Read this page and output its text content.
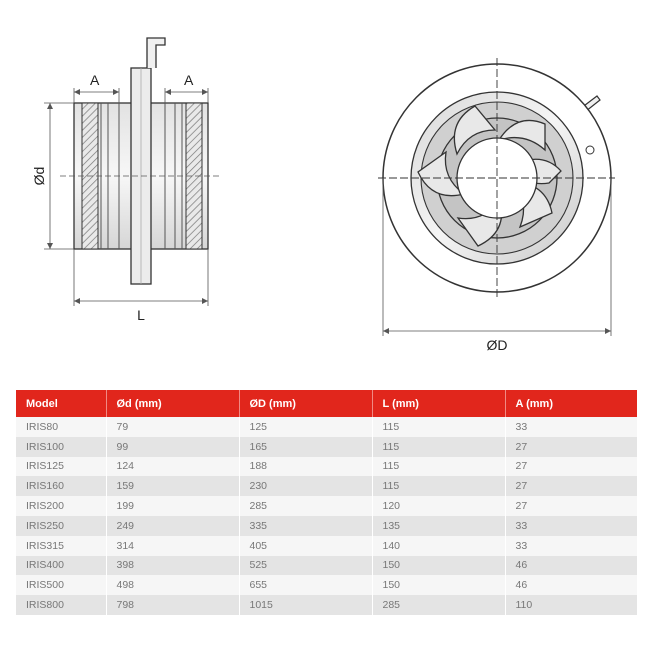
A	A
Ød
L
ØD
Model	Ød (mm)	ØD (mm)	L (mm)	A (mm)
IRIS80	79	125	115	33
IRIS100	99	165	115	27
IRIS125	124	188	115	27
IRIS160	159	230	115	27
IRIS200	199	285	120	27
IRIS250	249	335	135	33
IRIS315	314	405	140	33
IRIS400	398	525	150	46
IRIS500	498	655	150	46
IRIS800	798	1015	285	110
